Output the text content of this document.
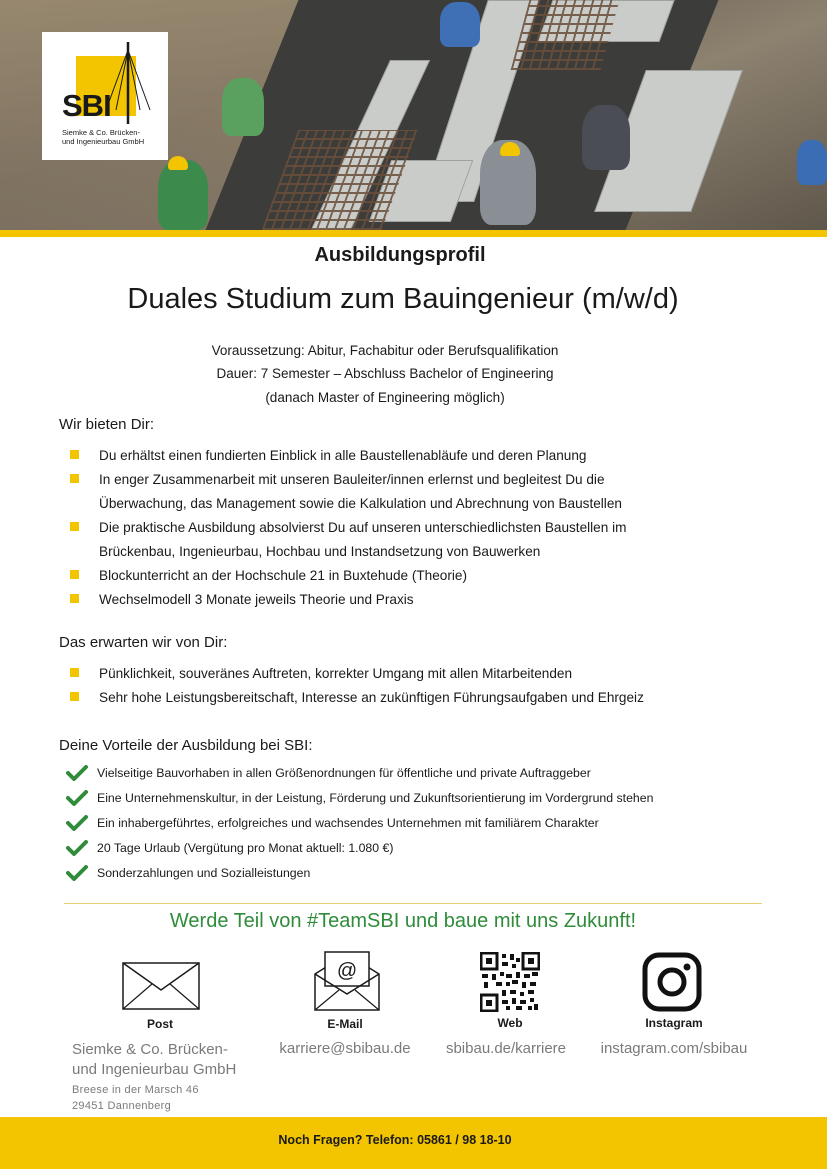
SBI
Siemke & Co. Brücken-
und Ingenieurbau GmbH
Ausbildungsprofil
Duales Studium zum Bauingenieur (m/w/d)
Voraussetzung: Abitur, Fachabitur oder Berufsqualifikation
Dauer: 7 Semester – Abschluss Bachelor of Engineering
(danach Master of Engineering möglich)
Wir bieten Dir:
Du erhältst einen fundierten Einblick in alle Baustellenabläufe und deren Planung
In enger Zusammenarbeit mit unseren Bauleiter/innen erlernst und begleitest Du die
Überwachung, das Management sowie die Kalkulation und Abrechnung von Baustellen
Die praktische Ausbildung absolvierst Du auf unseren unterschiedlichsten Baustellen im
Brückenbau, Ingenieurbau, Hochbau und Instandsetzung von Bauwerken
Blockunterricht an der Hochschule 21 in Buxtehude (Theorie)
Wechselmodell 3 Monate jeweils Theorie und Praxis
Das erwarten wir von Dir:
Pünklichkeit, souveränes Auftreten, korrekter Umgang mit allen Mitarbeitenden
Sehr hohe Leistungsbereitschaft, Interesse an zukünftigen Führungsaufgaben und Ehrgeiz
Deine Vorteile der Ausbildung bei SBI:
Vielseitige Bauvorhaben in allen Größenordnungen für öffentliche und private Auftraggeber
Eine Unternehmenskultur, in der Leistung, Förderung und Zukunftsorientierung im Vordergrund stehen
Ein inhabergeführtes, erfolgreiches und wachsendes Unternehmen mit familiärem Charakter
20 Tage Urlaub (Vergütung pro Monat aktuell: 1.080 €)
Sonderzahlungen und Sozialleistungen
Werde Teil von #TeamSBI und baue mit uns Zukunft!
Post
@
E-Mail
karriere@sbibau.de
Web
sbibau.de/karriere
Instagram
instagram.com/sbibau
Siemke & Co. Brücken-
und Ingenieurbau GmbH
Breese in der Marsch 46
29451 Dannenberg
Noch Fragen? Telefon: 05861 / 98 18-10
